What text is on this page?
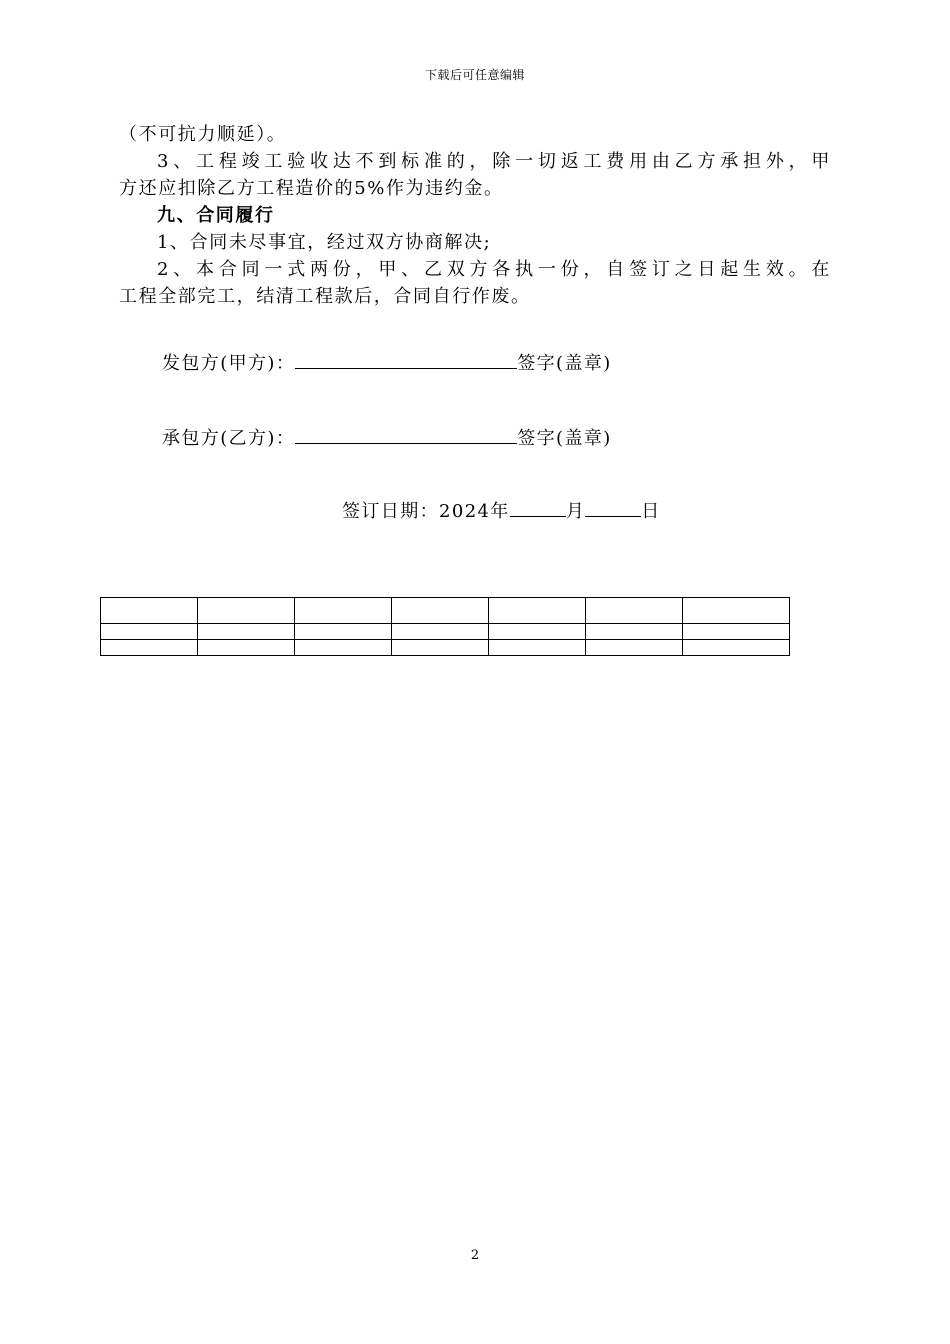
下载后可任意编辑
（不可抗力顺延）。
3、工程竣工验收达不到标准的，除一切返工费用由乙方承担外，甲
方还应扣除乙方工程造价的5%作为违约金。
九、合同履行
1、合同未尽事宜，经过双方协商解决;
2、本合同一式两份，甲、乙双方各执一份，自签订之日起生效。在
工程全部完工，结清工程款后，合同自行作废。
发包方(甲方)：	签字(盖章)
承包方(乙方)：	签字(盖章)
签订日期：2024年	月	日

2
